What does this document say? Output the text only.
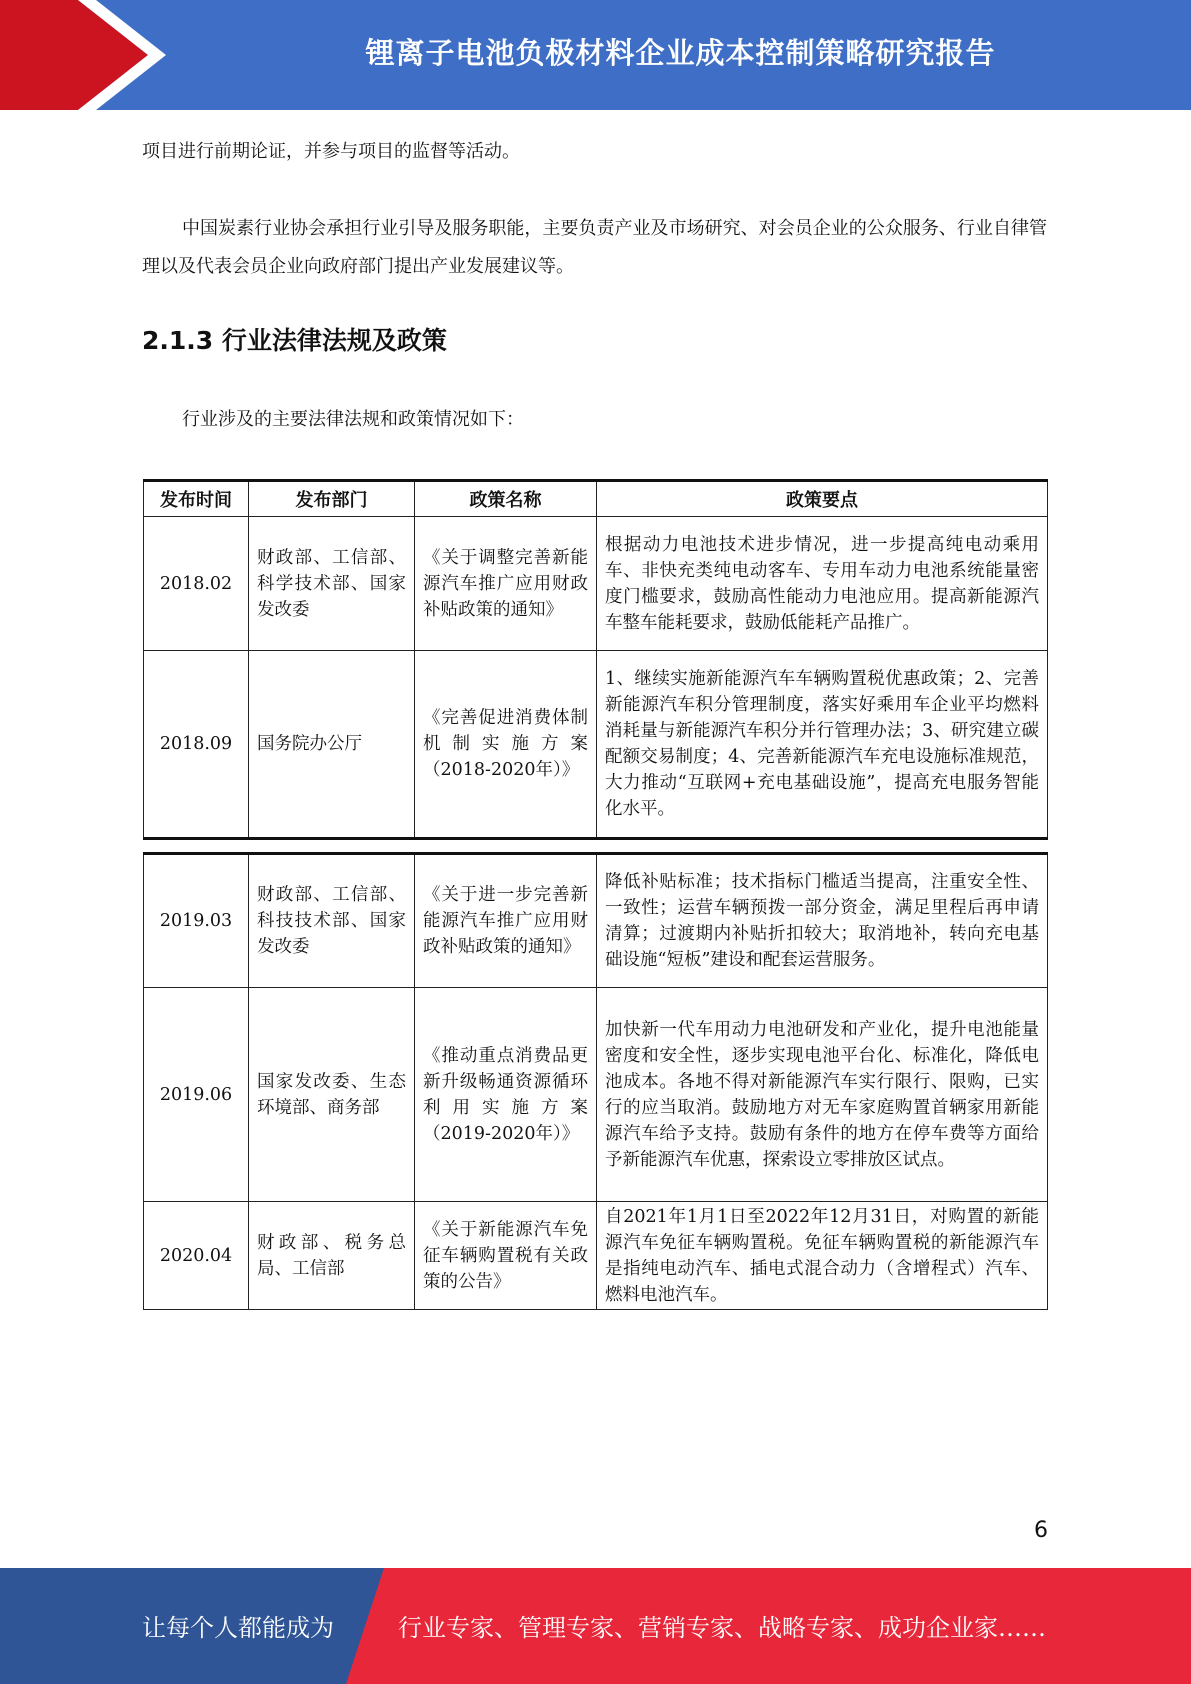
锂离子电池负极材料企业成本控制策略研究报告
项目进行前期论证，并参与项目的监督等活动。
中国炭素行业协会承担行业引导及服务职能，主要负责产业及市场研究、对会员企业的公众服务、行业自律管理以及代表会员企业向政府部门提出产业发展建议等。
2.1.3 行业法律法规及政策
行业涉及的主要法律法规和政策情况如下：
发布时间	发布部门	政策名称	政策要点
2018.02	财政部、工信部、科学技术部、国家发改委	《关于调整完善新能源汽车推广应用财政补贴政策的通知》	根据动力电池技术进步情况，进一步提高纯电动乘用车、非快充类纯电动客车、专用车动力电池系统能量密度门槛要求，鼓励高性能动力电池应用。提高新能源汽车整车能耗要求，鼓励低能耗产品推广。
2018.09	国务院办公厅	《完善促进消费体制机制实施方案（2018-2020年）》	1、继续实施新能源汽车车辆购置税优惠政策；2、完善新能源汽车积分管理制度，落实好乘用车企业平均燃料消耗量与新能源汽车积分并行管理办法；3、研究建立碳配额交易制度；4、完善新能源汽车充电设施标准规范，大力推动“互联网+充电基础设施”，提高充电服务智能化水平。
2019.03	财政部、工信部、科技技术部、国家发改委	《关于进一步完善新能源汽车推广应用财政补贴政策的通知》	降低补贴标准；技术指标门槛适当提高，注重安全性、一致性；运营车辆预拨一部分资金，满足里程后再申请清算；过渡期内补贴折扣较大；取消地补，转向充电基础设施“短板”建设和配套运营服务。
2019.06	国家发改委、生态环境部、商务部	《推动重点消费品更新升级畅通资源循环利用实施方案（2019-2020年）》	加快新一代车用动力电池研发和产业化，提升电池能量密度和安全性，逐步实现电池平台化、标准化，降低电池成本。各地不得对新能源汽车实行限行、限购，已实行的应当取消。鼓励地方对无车家庭购置首辆家用新能源汽车给予支持。鼓励有条件的地方在停车费等方面给予新能源汽车优惠，探索设立零排放区试点。
2020.04	财政部、税务总局、工信部	《关于新能源汽车免征车辆购置税有关政策的公告》	自2021年1月1日至2022年12月31日，对购置的新能源汽车免征车辆购置税。免征车辆购置税的新能源汽车是指纯电动汽车、插电式混合动力（含增程式）汽车、燃料电池汽车。
6
让每个人都能成为	行业专家、管理专家、营销专家、战略专家、成功企业家……
